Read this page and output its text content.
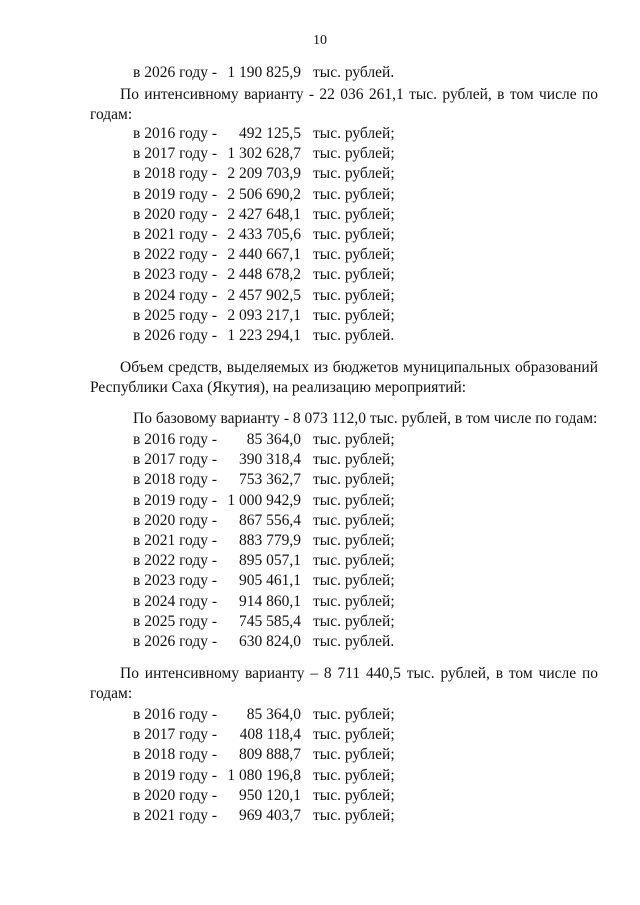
10
в 2026 году - 1 190 825,9 тыс. рублей.
По интенсивному варианту - 22 036 261,1 тыс. рублей, в том числе по
годам:
в 2016 году -	492 125,5 тыс. рублей;
в 2017 году - 1 302 628,7 тыс. рублей;
в 2018 году - 2 209 703,9 тыс. рублей;
в 2019 году - 2 506 690,2 тыс. рублей;
в 2020 году - 2 427 648,1 тыс. рублей;
в 2021 году - 2 433 705,6 тыс. рублей;
в 2022 году - 2 440 667,1 тыс. рублей;
в 2023 году - 2 448 678,2 тыс. рублей;
в 2024 году - 2 457 902,5 тыс. рублей;
в 2025 году - 2 093 217,1 тыс. рублей;
в 2026 году - 1 223 294,1 тыс. рублей.
Объем средств, выделяемых из бюджетов муниципальных образований
Республики Саха (Якутия), на реализацию мероприятий:
По базовому варианту - 8 073 112,0 тыс. рублей, в том числе по годам:
в 2016 году -	85 364,0 тыс. рублей;
в 2017 году -	390 318,4 тыс. рублей;
в 2018 году -	753 362,7 тыс. рублей;
в 2019 году - 1 000 942,9 тыс. рублей;
в 2020 году -	867 556,4 тыс. рублей;
в 2021 году -	883 779,9 тыс. рублей;
в 2022 году -	895 057,1 тыс. рублей;
в 2023 году -	905 461,1 тыс. рублей;
в 2024 году -	914 860,1 тыс. рублей;
в 2025 году -	745 585,4 тыс. рублей;
в 2026 году -	630 824,0 тыс. рублей.
По интенсивному варианту – 8 711 440,5 тыс. рублей, в том числе по
годам:
в 2016 году -	85 364,0 тыс. рублей;
в 2017 году -	408 118,4 тыс. рублей;
в 2018 году -	809 888,7 тыс. рублей;
в 2019 году - 1 080 196,8 тыс. рублей;
в 2020 году -	950 120,1 тыс. рублей;
в 2021 году -	969 403,7 тыс. рублей;
